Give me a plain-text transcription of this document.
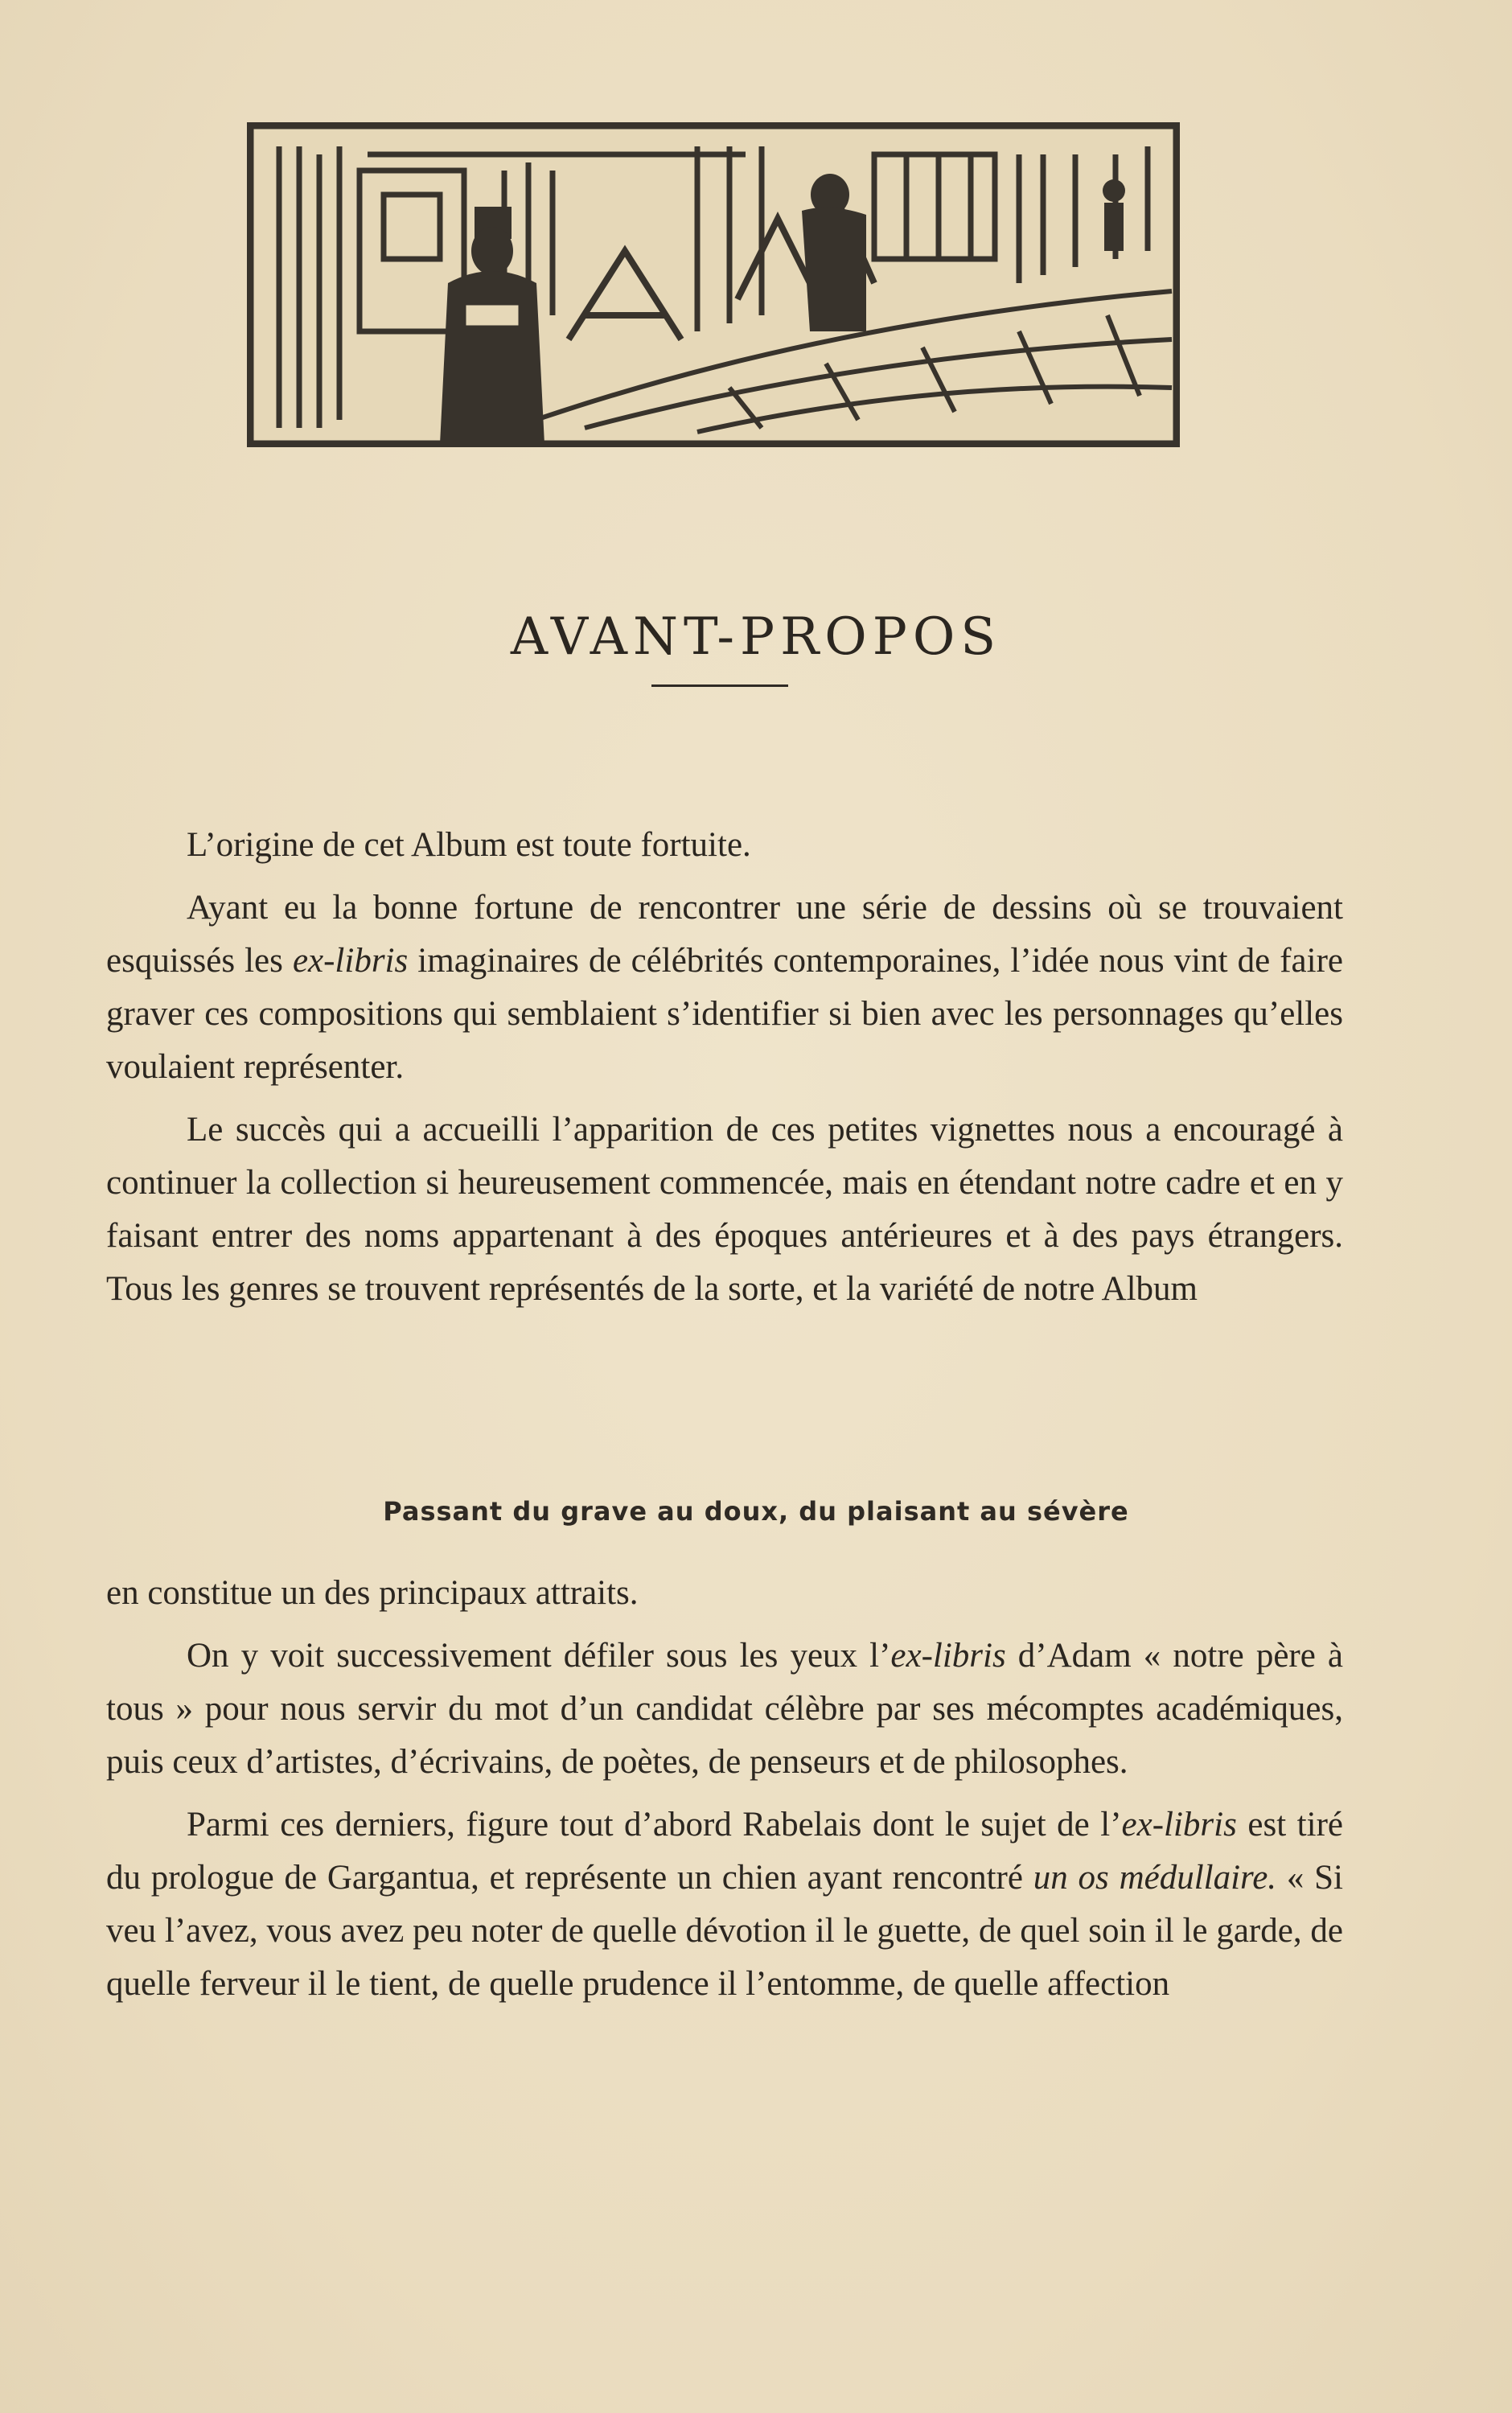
AVANT-PROPOS

L’origine de cet Album est toute fortuite.

Ayant eu la bonne fortune de rencontrer une série de dessins où se trouvaient esquissés les ex-libris imaginaires de célébrités contemporaines, l’idée nous vint de faire graver ces compositions qui semblaient s’identifier si bien avec les personnages qu’elles voulaient représenter.

Le succès qui a accueilli l’apparition de ces petites vignettes nous a encouragé à continuer la collection si heureusement commencée, mais en étendant notre cadre et en y faisant entrer des noms appartenant à des époques antérieures et à des pays étrangers. Tous les genres se trouvent représentés de la sorte, et la variété de notre Album

Passant du grave au doux, du plaisant au sévère

en constitue un des principaux attraits.

On y voit successivement défiler sous les yeux l’ex-libris d’Adam « notre père à tous » pour nous servir du mot d’un candidat célèbre par ses mécomptes académiques, puis ceux d’artistes, d’écrivains, de poètes, de penseurs et de philosophes.

Parmi ces derniers, figure tout d’abord Rabelais dont le sujet de l’ex-libris est tiré du prologue de Gargantua, et représente un chien ayant rencontré un os médullaire. « Si veu l’avez, vous avez peu noter de quelle dévotion il le guette, de quel soin il le garde, de quelle ferveur il le tient, de quelle prudence il l’entomme, de quelle affection
